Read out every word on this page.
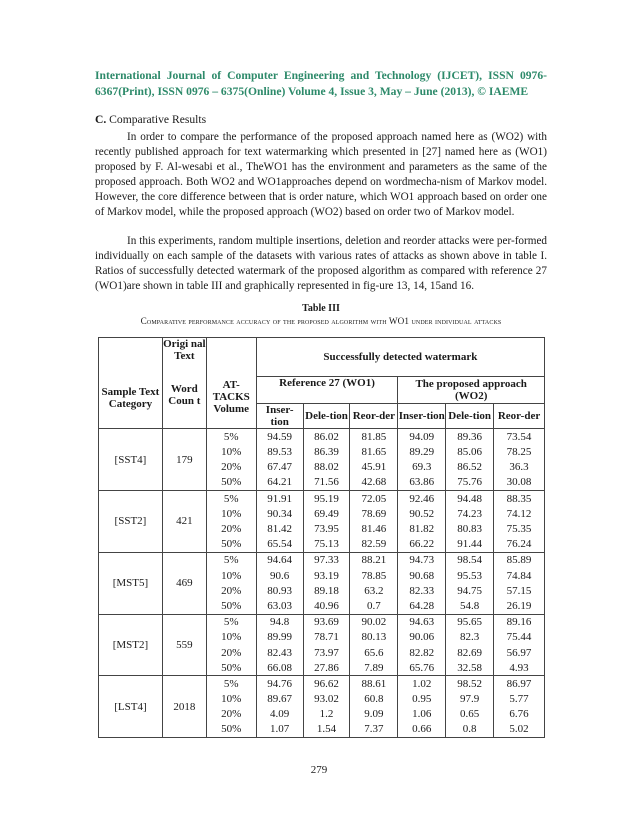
International Journal of Computer Engineering and Technology (IJCET), ISSN 0976-6367(Print), ISSN 0976 – 6375(Online) Volume 4, Issue 3, May – June (2013), © IAEME
C. Comparative Results

In order to compare the performance of the proposed approach named here as (WO2) with recently published approach for text watermarking which presented in [27] named here as (WO1) proposed by F. Al-wesabi et al., TheWO1 has the environment and parameters as the same of the proposed approach. Both WO2 and WO1approaches depend on wordmecha-nism of Markov model. However, the core difference between that is order nature, which WO1 approach based on order one of Markov model, while the proposed approach (WO2) based on order two of Markov model.

In this experiments, random multiple insertions, deletion and reorder attacks were per-formed individually on each sample of the datasets with various rates of attacks as shown above in table I. Ratios of successfully detected watermark of the proposed algorithm as compared with reference 27 (WO1)are shown in table III and graphically represented in fig-ure 13, 14, 15and 16.

Table III
Comparative performance accuracy of the proposed algorithm with WO1 under individual attacks
Sample Text Category	Origi nal Text	AT-TACKS Volume	Successfully detected watermark					
	Word Coun t							
			Reference 27 (WO1)			The proposed approach (WO2)		
			Inser-tion	Dele-tion	Reor-der	Inser-tion	Dele-tion	Reor-der
[SST4]	179	5%	94.59	86.02	81.85	94.09	89.36	73.54
		10%	89.53	86.39	81.65	89.29	85.06	78.25
		20%	67.47	88.02	45.91	69.3	86.52	36.3
		50%	64.21	71.56	42.68	63.86	75.76	30.08
[SST2]	421	5%	91.91	95.19	72.05	92.46	94.48	88.35
		10%	90.34	69.49	78.69	90.52	74.23	74.12
		20%	81.42	73.95	81.46	81.82	80.83	75.35
		50%	65.54	75.13	82.59	66.22	91.44	76.24
[MST5]	469	5%	94.64	97.33	88.21	94.73	98.54	85.89
		10%	90.6	93.19	78.85	90.68	95.53	74.84
		20%	80.93	89.18	63.2	82.33	94.75	57.15
		50%	63.03	40.96	0.7	64.28	54.8	26.19
[MST2]	559	5%	94.8	93.69	90.02	94.63	95.65	89.16
		10%	89.99	78.71	80.13	90.06	82.3	75.44
		20%	82.43	73.97	65.6	82.82	82.69	56.97
		50%	66.08	27.86	7.89	65.76	32.58	4.93
[LST4]	2018	5%	94.76	96.62	88.61	1.02	98.52	86.97
		10%	89.67	93.02	60.8	0.95	97.9	5.77
		20%	4.09	1.2	9.09	1.06	0.65	6.76
		50%	1.07	1.54	7.37	0.66	0.8	5.02
279
